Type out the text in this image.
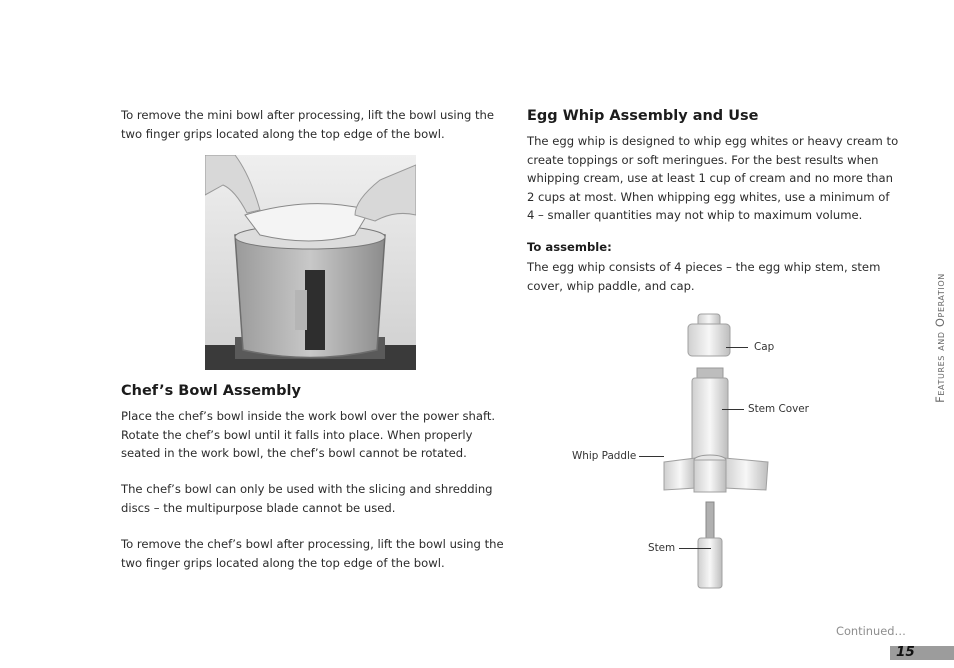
To remove the mini bowl after processing, lift the bowl using the
two finger grips located along the top edge of the bowl.

Chef’s Bowl Assembly

Place the chef’s bowl inside the work bowl over the power shaft.
Rotate the chef’s bowl until it falls into place. When properly
seated in the work bowl, the chef’s bowl cannot be rotated.

The chef’s bowl can only be used with the slicing and shredding
discs – the multipurpose blade cannot be used.

To remove the chef’s bowl after processing, lift the bowl using the
two finger grips located along the top edge of the bowl.

Egg Whip Assembly and Use

The egg whip is designed to whip egg whites or heavy cream to
create toppings or soft meringues. For the best results when
whipping cream, use at least 1 cup of cream and no more than
2 cups at most. When whipping egg whites, use a minimum of
4 – smaller quantities may not whip to maximum volume.

To assemble:

The egg whip consists of 4 pieces – the egg whip stem, stem
cover, whip paddle, and cap.

Cap
Stem Cover
Whip Paddle
Stem
Features and Operation
Continued…
15
